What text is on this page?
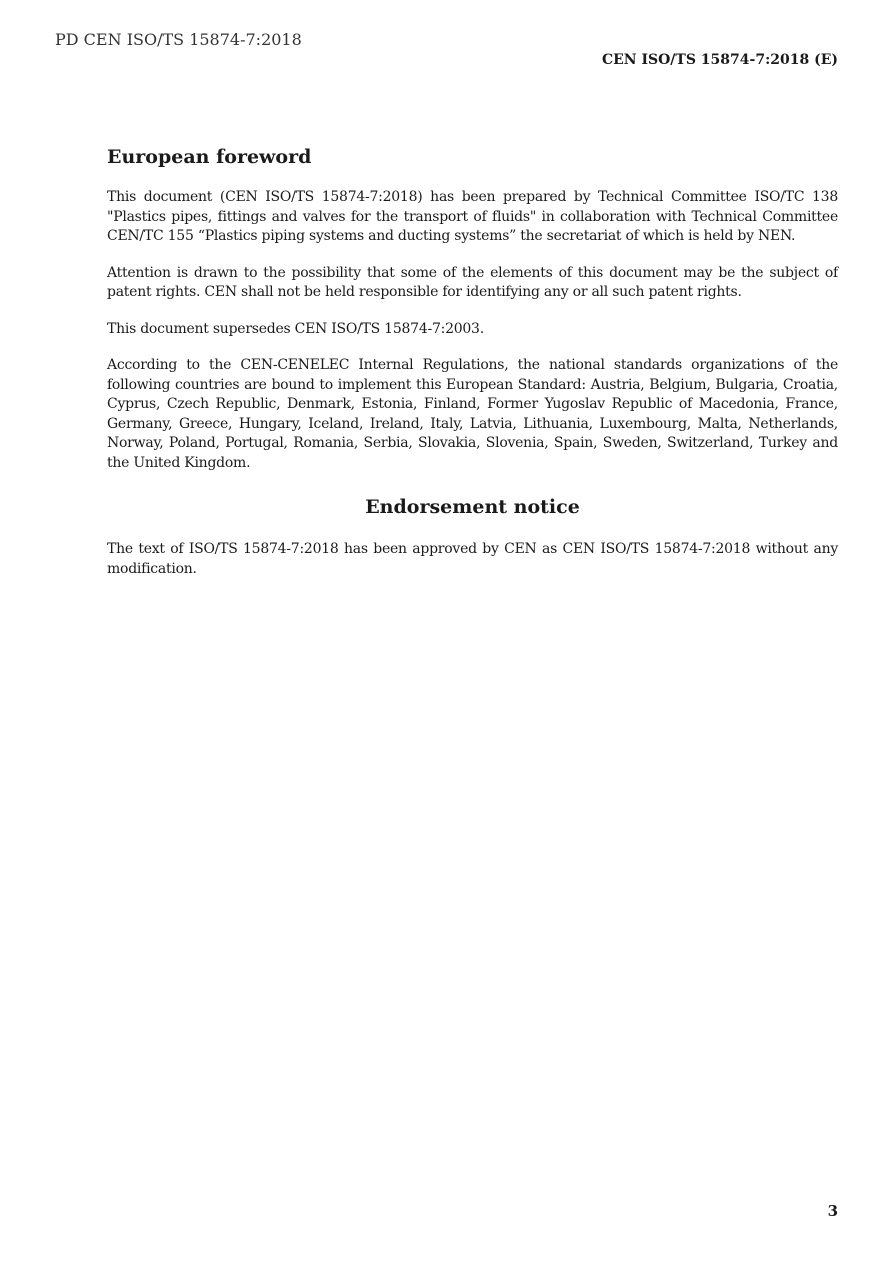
PD CEN ISO/TS 15874-7:2018
CEN ISO/TS 15874-7:2018 (E)
European foreword

This document (CEN ISO/TS 15874-7:2018) has been prepared by Technical Committee ISO/TC 138 "Plastics pipes, fittings and valves for the transport of fluids" in collaboration with Technical Committee CEN/TC 155 “Plastics piping systems and ducting systems” the secretariat of which is held by NEN.

Attention is drawn to the possibility that some of the elements of this document may be the subject of patent rights. CEN shall not be held responsible for identifying any or all such patent rights.

This document supersedes CEN ISO/TS 15874-7:2003.

According to the CEN-CENELEC Internal Regulations, the national standards organizations of the following countries are bound to implement this European Standard: Austria, Belgium, Bulgaria, Croatia, Cyprus, Czech Republic, Denmark, Estonia, Finland, Former Yugoslav Republic of Macedonia, France, Germany, Greece, Hungary, Iceland, Ireland, Italy, Latvia, Lithuania, Luxembourg, Malta, Netherlands, Norway, Poland, Portugal, Romania, Serbia, Slovakia, Slovenia, Spain, Sweden, Switzerland, Turkey and the United Kingdom.

Endorsement notice

The text of ISO/TS 15874-7:2018 has been approved by CEN as CEN ISO/TS 15874-7:2018 without any modification.

3
